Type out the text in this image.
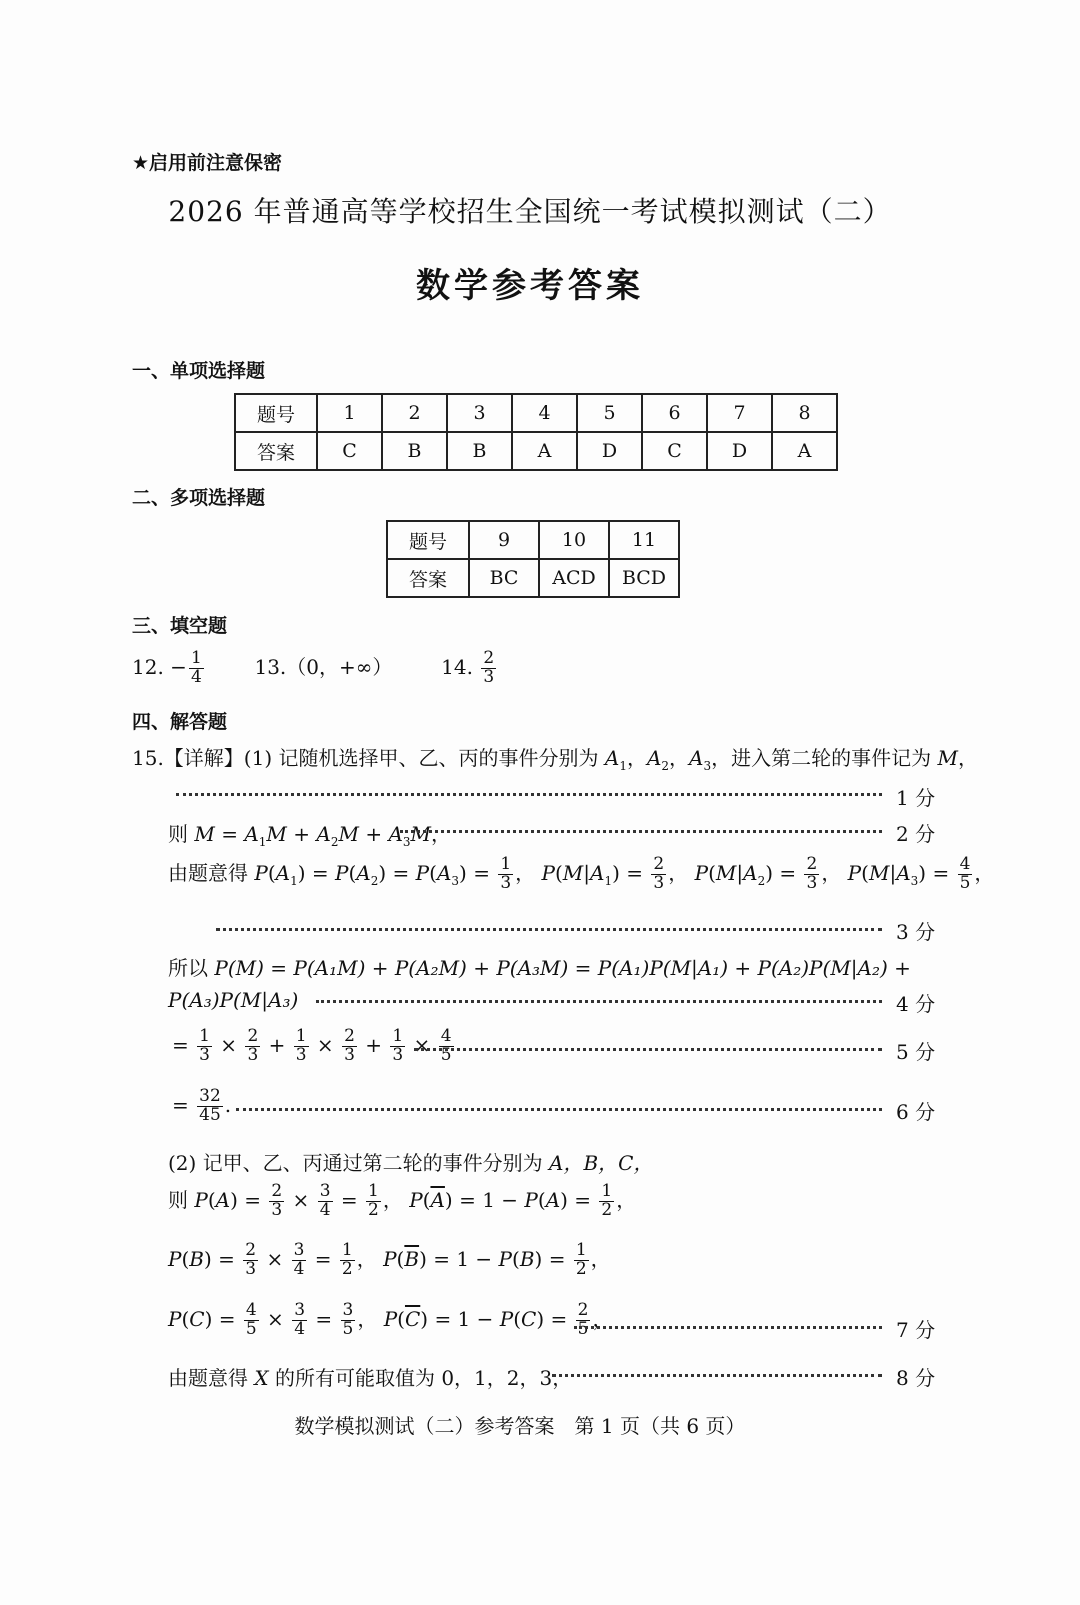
★启用前注意保密
2026 年普通高等学校招生全国统一考试模拟测试（二）
数学参考答案
一、单项选择题
题号	1	2	3	4	5	6	7	8
答案	C	B	B	A	D	C	D	A
二、多项选择题
题号	9	10	11
答案	BC	ACD	BCD
三、填空题
12. − $\frac{1}{4}$	13.（0，+∞） 14. $\frac{2}{3}$
四、解答题
15.【详解】(1) 记随机选择甲、乙、丙的事件分别为 $A_1$，$A_2$，$A_3$，进入第二轮的事件记为 M，
1 分
则 $M = A_1M + A_2M + A_3M$，	2 分
由题意得 $P(A_1) = P(A_2) = P(A_3) = \frac{1}{3}$ ， $P(M|A_1) = \frac{2}{3}$ ， $P(M|A_2) = \frac{2}{3}$ ， $P(M|A_3) = \frac{4}{5}$ ，
3 分
所以 P(M) = P(A₁M) + P(A₂M) + P(A₃M) = P(A₁)P(M|A₁) + P(A₂)P(M|A₂) +
P(A₃)P(M|A₃)	4 分
= $\frac{1}{3} \times \frac{2}{3} + \frac{1}{3} \times \frac{2}{3} + \frac{1}{3} \times \frac{4}{5}$	5 分
= $\frac{32}{45}$ .	6 分
(2) 记甲、乙、丙通过第二轮的事件分别为 A，B，C，
则 $P(A) = \frac{2}{3} \times \frac{3}{4} = \frac{1}{2}$ ， $P(\overline{A}) = 1 - P(A) = \frac{1}{2}$ ，
$P(B) = \frac{2}{3} \times \frac{3}{4} = \frac{1}{2}$ ， $P(\overline{B}) = 1 - P(B) = \frac{1}{2}$ ，
$P(C) = \frac{4}{5} \times \frac{3}{4} = \frac{3}{5}$ ， $P(\overline{C}) = 1 - P(C) = \frac{2}{5}$ ，	7 分
由题意得 X 的所有可能取值为 0，1，2，3，	8 分
数学模拟测试（二）参考答案　第 1 页（共 6 页）
